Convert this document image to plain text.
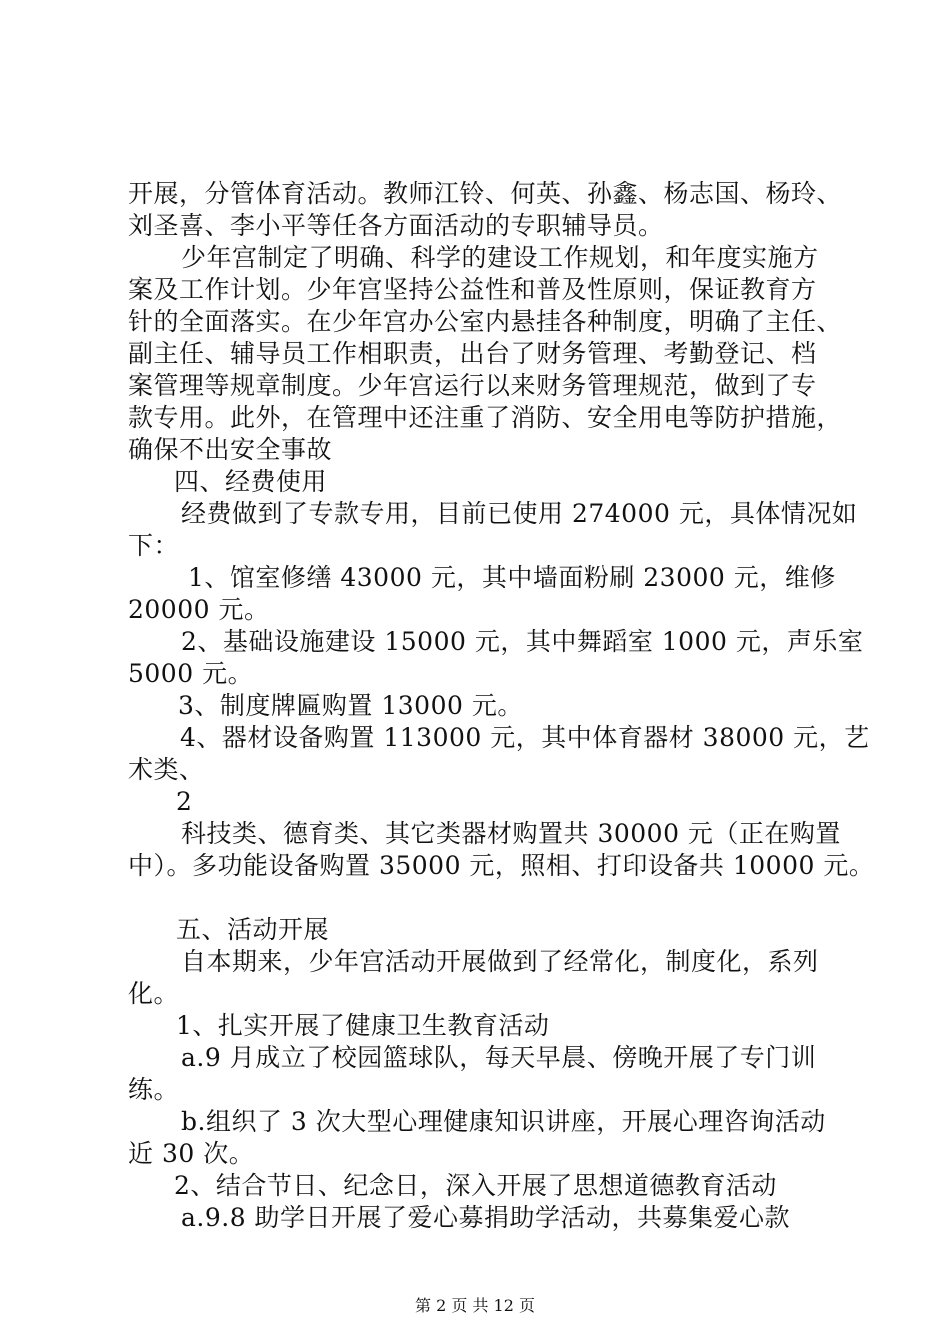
开展，分管体育活动。教师江铃、何英、孙鑫、杨志国、杨玲、
刘圣喜、李小平等任各方面活动的专职辅导员。
少年宫制定了明确、科学的建设工作规划，和年度实施方
案及工作计划。少年宫坚持公益性和普及性原则，保证教育方
针的全面落实。在少年宫办公室内悬挂各种制度，明确了主任、
副主任、辅导员工作相职责，出台了财务管理、考勤登记、档
案管理等规章制度。少年宫运行以来财务管理规范，做到了专
款专用。此外，在管理中还注重了消防、安全用电等防护措施，
确保不出安全事故
四、经费使用
经费做到了专款专用，目前已使用 274000 元，具体情况如
下：
1、馆室修缮 43000 元，其中墙面粉刷 23000 元，维修
20000 元。
2、基础设施建设 15000 元，其中舞蹈室 1000 元，声乐室
5000 元。
3、制度牌匾购置 13000 元。
4、器材设备购置 113000 元，其中体育器材 38000 元，艺
术类、
2
科技类、德育类、其它类器材购置共 30000 元（正在购置
中）。多功能设备购置 35000 元，照相、打印设备共 10000 元。
五、活动开展
自本期来，少年宫活动开展做到了经常化，制度化，系列
化。
1、扎实开展了健康卫生教育活动
a.9 月成立了校园篮球队，每天早晨、傍晚开展了专门训
练。
b.组织了 3 次大型心理健康知识讲座，开展心理咨询活动
近 30 次。
2、结合节日、纪念日，深入开展了思想道德教育活动
a.9.8 助学日开展了爱心募捐助学活动，共募集爱心款
第 2 页 共 12 页
